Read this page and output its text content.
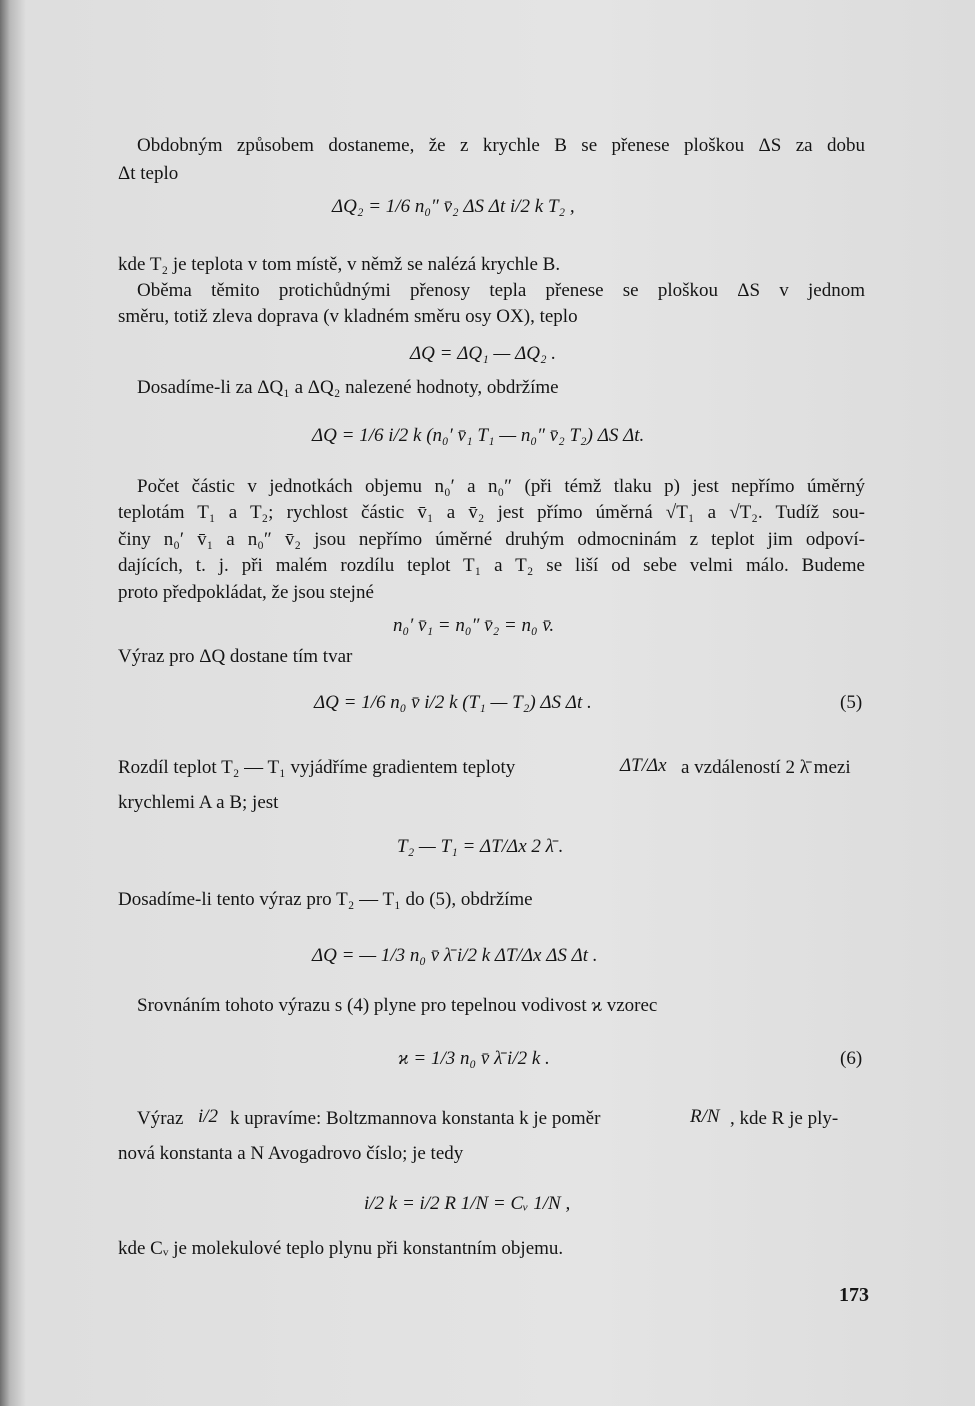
Obdobným způsobem dostaneme, že z krychle B se přenese ploškou ΔS za dobu
Δt teplo
ΔQ₂ = 1/6 n₀″ v̄₂ ΔS Δt i/2 k T₂ ,
kde T₂ je teplota v tom místě, v němž se nalézá krychle B.
Oběma těmito protichůdnými přenosy tepla přenese se ploškou ΔS v jednom
směru, totiž zleva doprava (v kladném směru osy OX), teplo
ΔQ = ΔQ₁ — ΔQ₂ .
Dosadíme-li za ΔQ₁ a ΔQ₂ nalezené hodnoty, obdržíme
ΔQ = 1/6 i/2 k (n₀′ v̄₁ T₁ — n₀″ v̄₂ T₂) ΔS Δt.
Počet částic v jednotkách objemu n₀′ a n₀″ (při témž tlaku p) jest nepřímo úměrný
teplotám T₁ a T₂; rychlost částic v̄₁ a v̄₂ jest přímo úměrná √T₁ a √T₂. Tudíž sou-
činy n₀′ v̄₁ a n₀″ v̄₂ jsou nepřímo úměrné druhým odmocninám z teplot jim odpoví-
dajících, t. j. při malém rozdílu teplot T₁ a T₂ se liší od sebe velmi málo. Budeme
proto předpokládat, že jsou stejné
n₀′ v̄₁ = n₀″ v̄₂ = n₀ v̄.
Výraz pro ΔQ dostane tím tvar
ΔQ = 1/6 n₀ v̄ i/2 k (T₁ — T₂) ΔS Δt .	(5)
Rozdíl teplot T₂ — T₁ vyjádříme gradientem teploty	ΔT/Δx a vzdáleností 2 λ̄ mezi
krychlemi A a B; jest
T₂ — T₁ = ΔT/Δx 2 λ̄ .
Dosadíme-li tento výraz pro T₂ — T₁ do (5), obdržíme
ΔQ = — 1/3 n₀ v̄ λ̄ i/2 k ΔT/Δx ΔS Δt .
Srovnáním tohoto výrazu s (4) plyne pro tepelnou vodivost ϰ vzorec
ϰ = 1/3 n₀ v̄ λ̄ i/2 k .	(6)
Výraz i/2 k upravíme: Boltzmannova konstanta k je poměr	R/N , kde R je ply-
nová konstanta a N Avogadrovo číslo; je tedy
i/2 k = i/2 R 1/N = Cᵥ 1/N ,
kde Cᵥ je molekulové teplo plynu při konstantním objemu.
173
